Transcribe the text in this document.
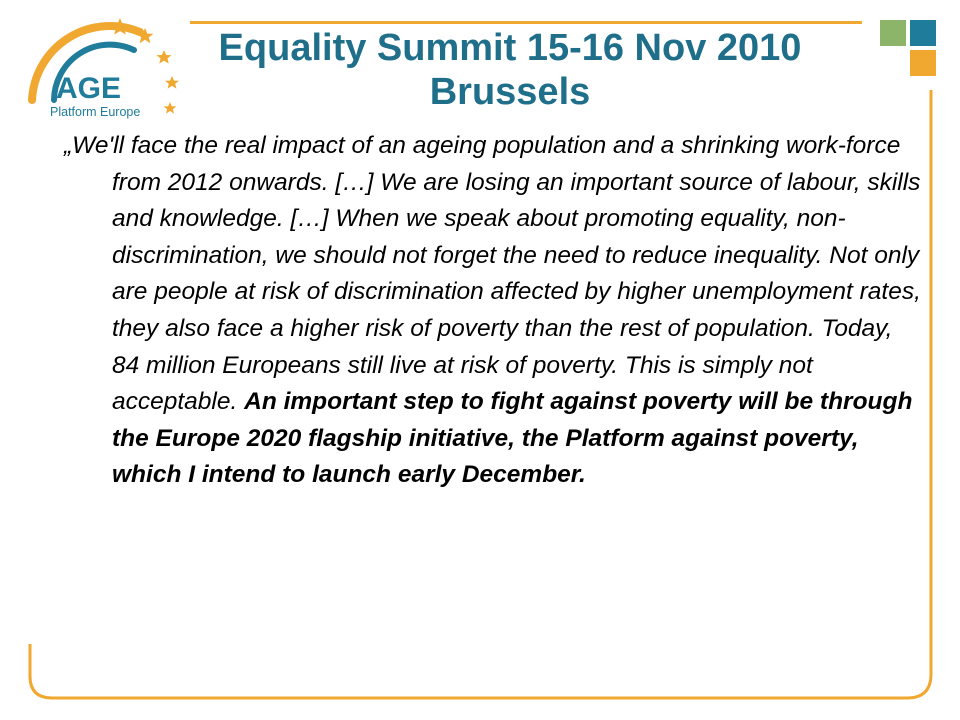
AGE
Platform Europe
Equality Summit 15-16 Nov 2010 Brussels

„We'll face the real impact of an ageing population and a shrinking work-force from 2012 onwards. […] We are losing an important source of labour, skills and knowledge. […] When we speak about promoting equality, non-discrimination, we should not forget the need to reduce inequality. Not only are people at risk of discrimination affected by higher unemployment rates, they also face a higher risk of poverty than the rest of population. Today, 84 million Europeans still live at risk of poverty. This is simply not acceptable. An important step to fight against poverty will be through the Europe 2020 flagship initiative, the Platform against poverty, which I intend to launch early December.
